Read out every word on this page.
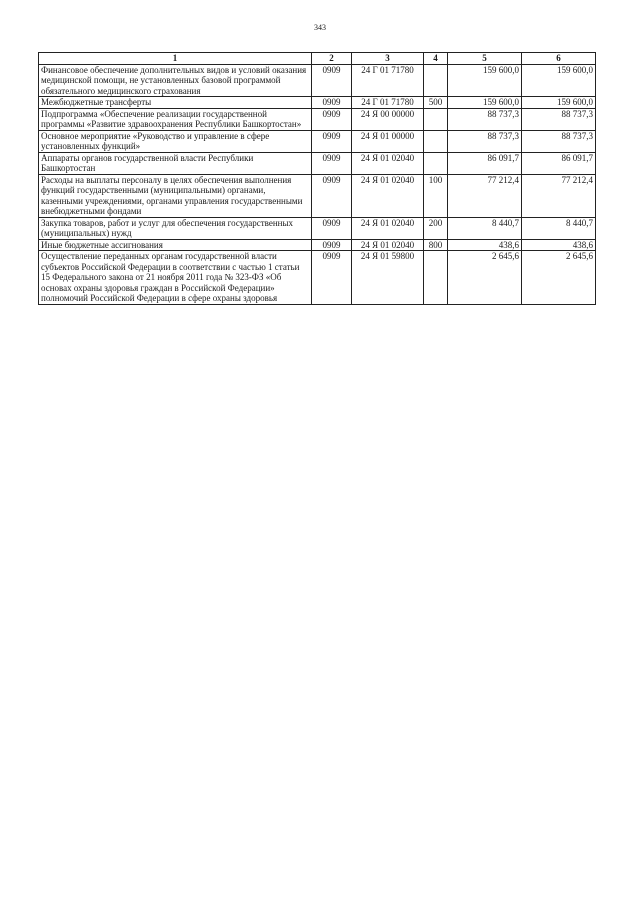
343
1	2	3	4	5	6
Финансовое обеспечение дополнительных видов и условий оказания медицинской помощи, не установленных базовой программой обязательного медицинского страхования	0909	24 Г 01 71780		159 600,0	159 600,0
Межбюджетные трансферты	0909	24 Г 01 71780	500	159 600,0	159 600,0
Подпрограмма «Обеспечение реализации государственной программы «Развитие здравоохранения Республики Башкортостан»	0909	24 Я 00 00000		88 737,3	88 737,3
Основное мероприятие «Руководство и управление в сфере установленных функций»	0909	24 Я 01 00000		88 737,3	88 737,3
Аппараты органов государственной власти Республики Башкортостан	0909	24 Я 01 02040		86 091,7	86 091,7
Расходы на выплаты персоналу в целях обеспечения выполнения функций государственными (муниципальными) органами, казенными учреждениями, органами управления государственными внебюджетными фондами	0909	24 Я 01 02040	100	77 212,4	77 212,4
Закупка товаров, работ и услуг для обеспечения государственных (муниципальных) нужд	0909	24 Я 01 02040	200	8 440,7	8 440,7
Иные бюджетные ассигнования	0909	24 Я 01 02040	800	438,6	438,6
Осуществление переданных органам государственной власти субъектов Российской Федерации в соответствии с частью 1 статьи 15 Федерального закона от 21 ноября 2011 года № 323-ФЗ «Об основах охраны здоровья граждан в Российской Федерации» полномочий Российской Федерации в сфере охраны здоровья	0909	24 Я 01 59800		2 645,6	2 645,6
